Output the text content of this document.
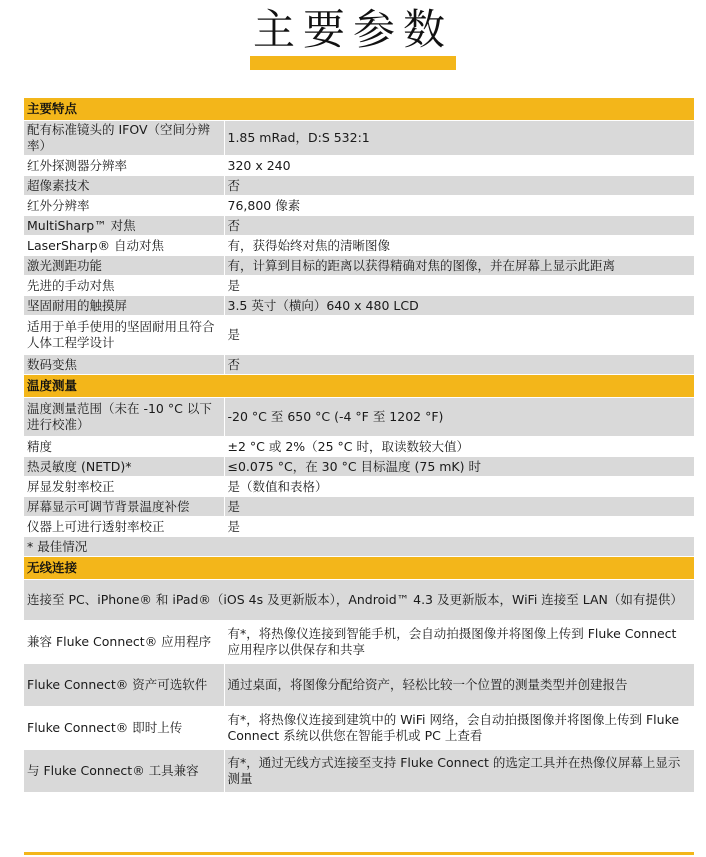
主要参数
主要特点	
配有标准镜头的 IFOV（空间分辨率）	1.85 mRad，D:S 532:1
红外探测器分辨率	320 x 240
超像素技术	否
红外分辨率	76,800 像素
MultiSharp™ 对焦	否
LaserSharp® 自动对焦	有，获得始终对焦的清晰图像
激光测距功能	有，计算到目标的距离以获得精确对焦的图像，并在屏幕上显示此距离
先进的手动对焦	是
坚固耐用的触摸屏	3.5 英寸（横向）640 x 480 LCD
适用于单手使用的坚固耐用且符合人体工程学设计	是
数码变焦	否
温度测量	
温度测量范围（未在 -10 °C 以下进行校准）	-20 °C 至 650 °C (-4 °F 至 1202 °F)
精度	±2 °C 或 2%（25 °C 时，取读数较大值）
热灵敏度 (NETD)*	≤0.075 °C，在 30 °C 目标温度 (75 mK) 时
屏显发射率校正	是（数值和表格）
屏幕显示可调节背景温度补偿	是
仪器上可进行透射率校正	是
* 最佳情况	
无线连接	
连接至 PC、iPhone® 和 iPad®（iOS 4s 及更新版本），Android™ 4.3 及更新版本，WiFi 连接至 LAN（如有提供）	
兼容 Fluke Connect® 应用程序	有*，将热像仪连接到智能手机，会自动拍摄图像并将图像上传到 Fluke Connect 应用程序以供保存和共享
Fluke Connect® 资产可选软件	通过桌面，将图像分配给资产，轻松比较一个位置的测量类型并创建报告
Fluke Connect® 即时上传	有*，将热像仪连接到建筑中的 WiFi 网络，会自动拍摄图像并将图像上传到 Fluke Connect 系统以供您在智能手机或 PC 上查看
与 Fluke Connect® 工具兼容	有*，通过无线方式连接至支持 Fluke Connect 的选定工具并在热像仪屏幕上显示测量
